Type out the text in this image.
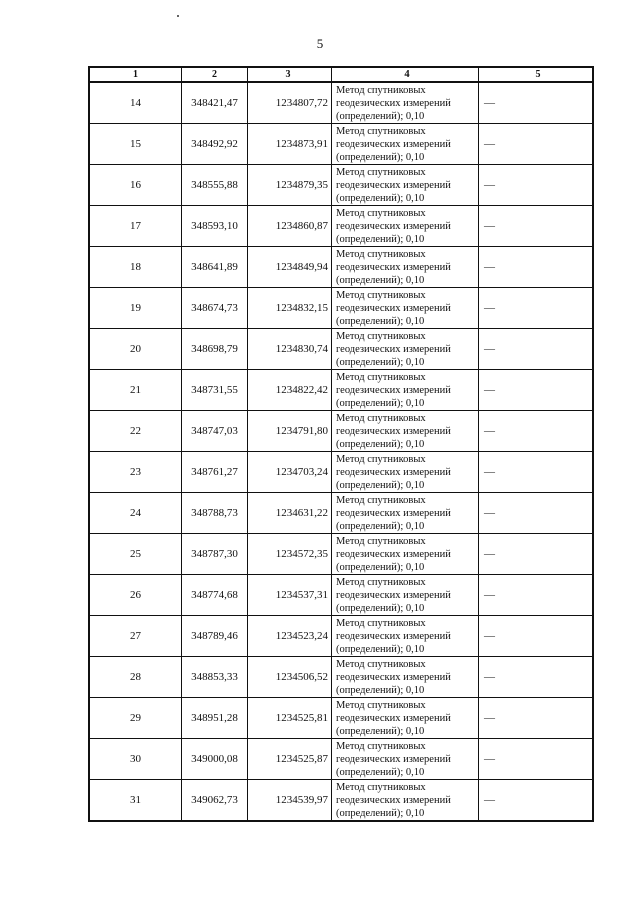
5
1	2	3	4	5
14	348421,47	1234807,72	Метод спутниковых геодезических измерений (определений); 0,10	—
15	348492,92	1234873,91	Метод спутниковых геодезических измерений (определений); 0,10	—
16	348555,88	1234879,35	Метод спутниковых геодезических измерений (определений); 0,10	—
17	348593,10	1234860,87	Метод спутниковых геодезических измерений (определений); 0,10	—
18	348641,89	1234849,94	Метод спутниковых геодезических измерений (определений); 0,10	—
19	348674,73	1234832,15	Метод спутниковых геодезических измерений (определений); 0,10	—
20	348698,79	1234830,74	Метод спутниковых геодезических измерений (определений); 0,10	—
21	348731,55	1234822,42	Метод спутниковых геодезических измерений (определений); 0,10	—
22	348747,03	1234791,80	Метод спутниковых геодезических измерений (определений); 0,10	—
23	348761,27	1234703,24	Метод спутниковых геодезических измерений (определений); 0,10	—
24	348788,73	1234631,22	Метод спутниковых геодезических измерений (определений); 0,10	—
25	348787,30	1234572,35	Метод спутниковых геодезических измерений (определений); 0,10	—
26	348774,68	1234537,31	Метод спутниковых геодезических измерений (определений); 0,10	—
27	348789,46	1234523,24	Метод спутниковых геодезических измерений (определений); 0,10	—
28	348853,33	1234506,52	Метод спутниковых геодезических измерений (определений); 0,10	—
29	348951,28	1234525,81	Метод спутниковых геодезических измерений (определений); 0,10	—
30	349000,08	1234525,87	Метод спутниковых геодезических измерений (определений); 0,10	—
31	349062,73	1234539,97	Метод спутниковых геодезических измерений (определений); 0,10	—
